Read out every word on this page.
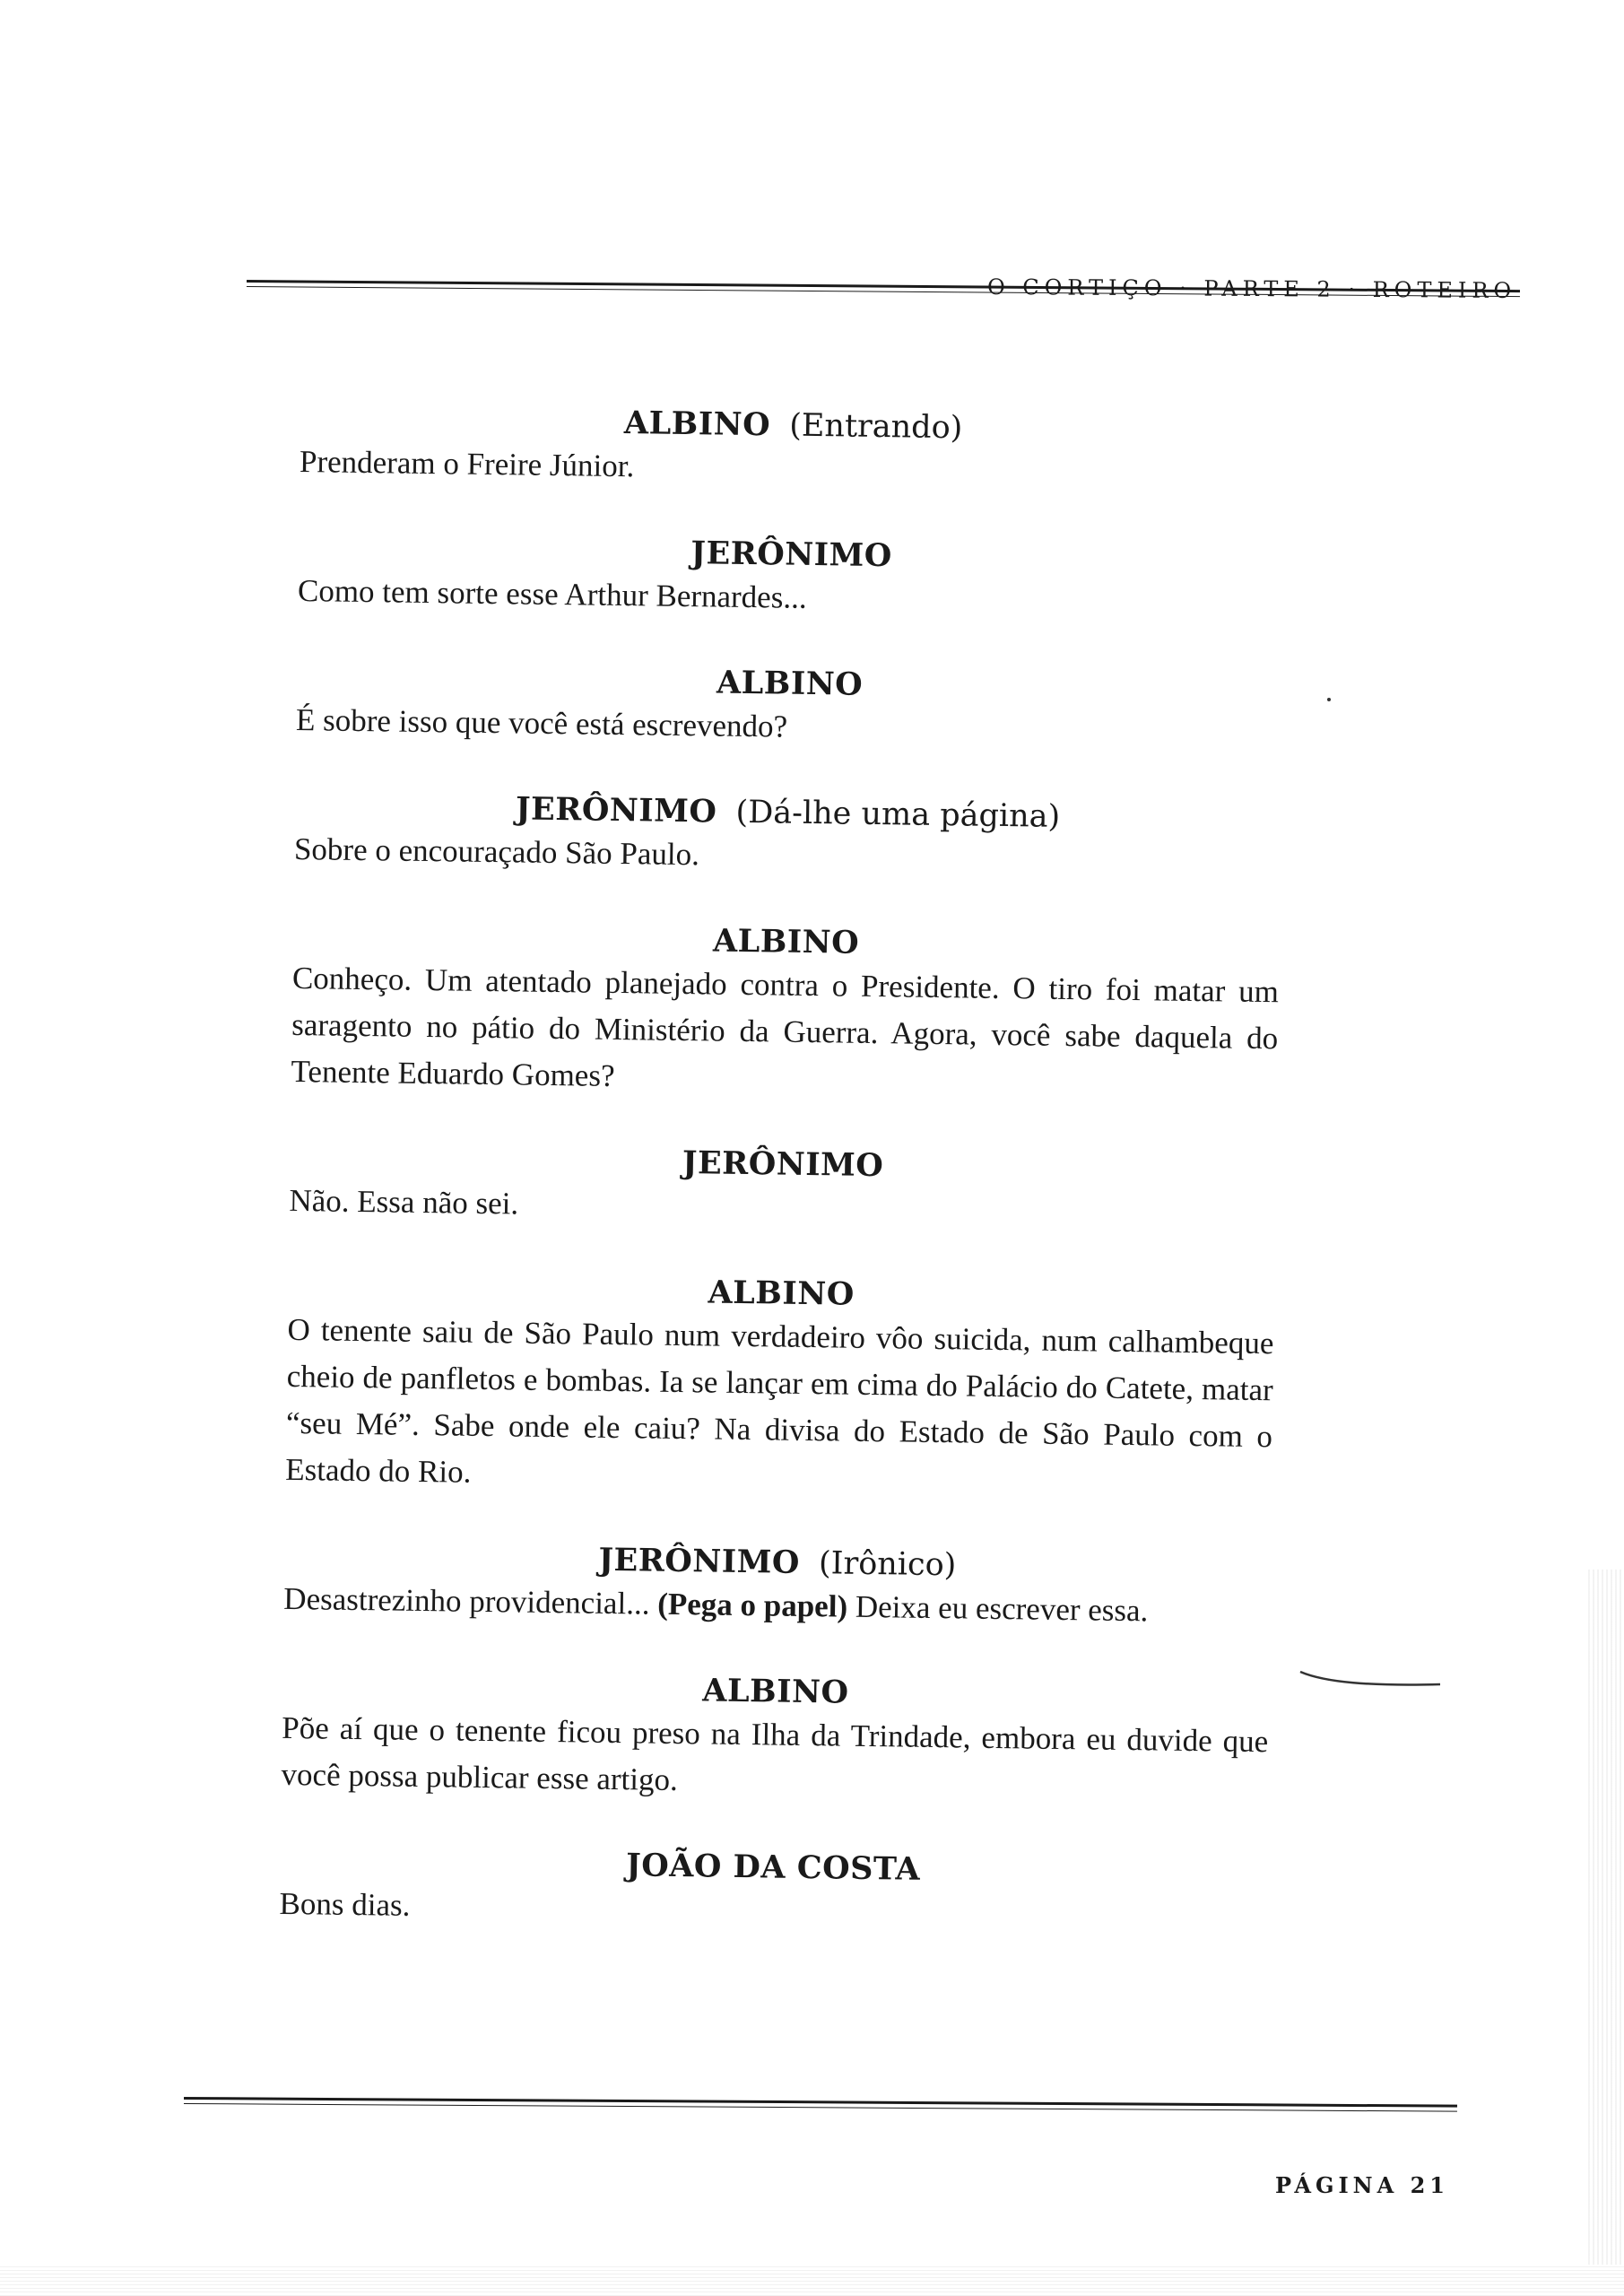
O CORTIÇO · PARTE 2 · ROTEIRO
ALBINO (Entrando)
Prenderam o Freire Júnior.
JERÔNIMO
Como tem sorte esse Arthur Bernardes...
ALBINO
É sobre isso que você está escrevendo?
JERÔNIMO (Dá-lhe uma página)
Sobre o encouraçado São Paulo.
ALBINO
Conheço. Um atentado planejado contra o Presidente. O tiro foi matar um saragento no pátio do Ministério da Guerra. Agora, você sabe daquela do Tenente Eduardo Gomes?
JERÔNIMO
Não. Essa não sei.
ALBINO
O tenente saiu de São Paulo num verdadeiro vôo suicida, num calhambeque cheio de panfletos e bombas. Ia se lançar em cima do Palácio do Catete, matar “seu Mé”. Sabe onde ele caiu? Na divisa do Estado de São Paulo com o Estado do Rio.
JERÔNIMO (Irônico)
Desastrezinho providencial... (Pega o papel) Deixa eu escrever essa.
ALBINO
Põe aí que o tenente ficou preso na Ilha da Trindade, embora eu duvide que você possa publicar esse artigo.
JOÃO DA COSTA
Bons dias.
PÁGINA 21
